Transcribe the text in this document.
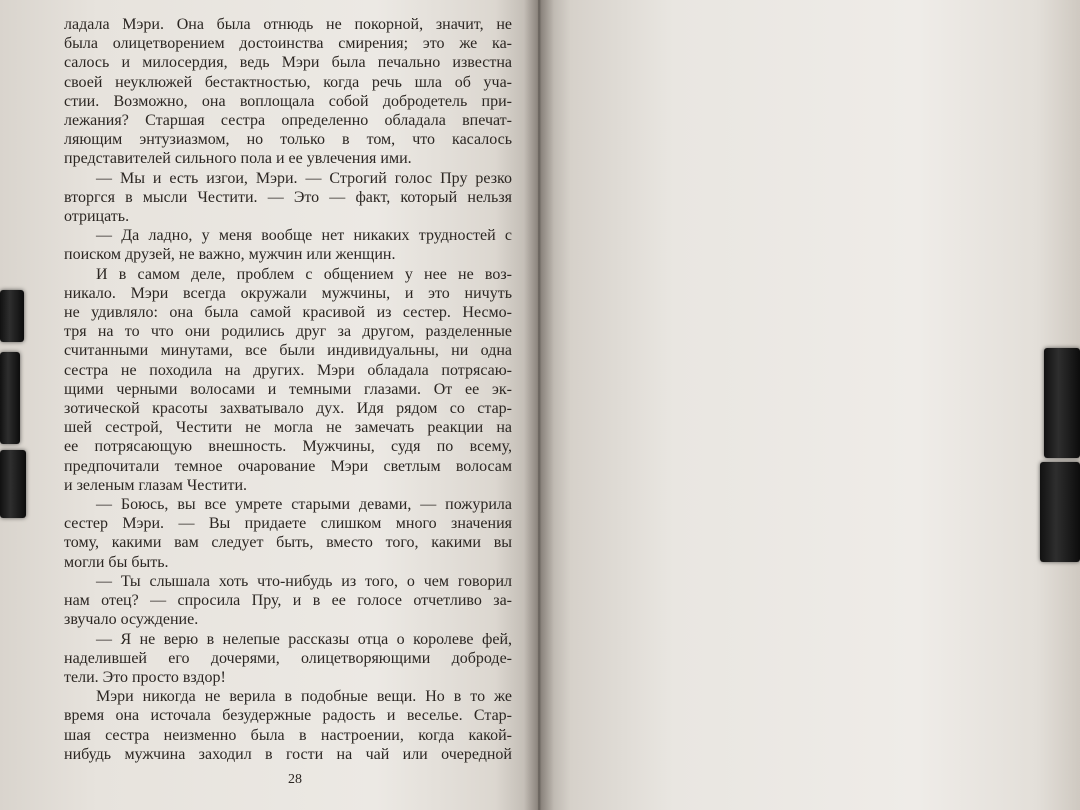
ладала Мэри. Она была отнюдь не покорной, значит, не
была олицетворением достоинства смирения; это же ка-
салось и милосердия, ведь Мэри была печально известна
своей неуклюжей бестактностью, когда речь шла об уча-
стии. Возможно, она воплощала собой добродетель при-
лежания? Старшая сестра определенно обладала впечат-
ляющим энтузиазмом, но только в том, что касалось
представителей сильного пола и ее увлечения ими.
— Мы и есть изгои, Мэри. — Строгий голос Пру резко
вторгся в мысли Честити. — Это — факт, который нельзя
отрицать.
— Да ладно, у меня вообще нет никаких трудностей с
поиском друзей, не важно, мужчин или женщин.
И в самом деле, проблем с общением у нее не воз-
никало. Мэри всегда окружали мужчины, и это ничуть
не удивляло: она была самой красивой из сестер. Несмо-
тря на то что они родились друг за другом, разделенные
считанными минутами, все были индивидуальны, ни одна
сестра не походила на других. Мэри обладала потрясаю-
щими черными волосами и темными глазами. От ее эк-
зотической красоты захватывало дух. Идя рядом со стар-
шей сестрой, Честити не могла не замечать реакции на
ее потрясающую внешность. Мужчины, судя по всему,
предпочитали темное очарование Мэри светлым волосам
и зеленым глазам Честити.
— Боюсь, вы все умрете старыми девами, — пожурила
сестер Мэри. — Вы придаете слишком много значения
тому, какими вам следует быть, вместо того, какими вы
могли бы быть.
— Ты слышала хоть что-нибудь из того, о чем говорил
нам отец? — спросила Пру, и в ее голосе отчетливо за-
звучало осуждение.
— Я не верю в нелепые рассказы отца о королеве фей,
наделившей его дочерями, олицетворяющими доброде-
тели. Это просто вздор!
Мэри никогда не верила в подобные вещи. Но в то же
время она источала безудержные радость и веселье. Стар-
шая сестра неизменно была в настроении, когда какой-
нибудь мужчина заходил в гости на чай или очередной
28
